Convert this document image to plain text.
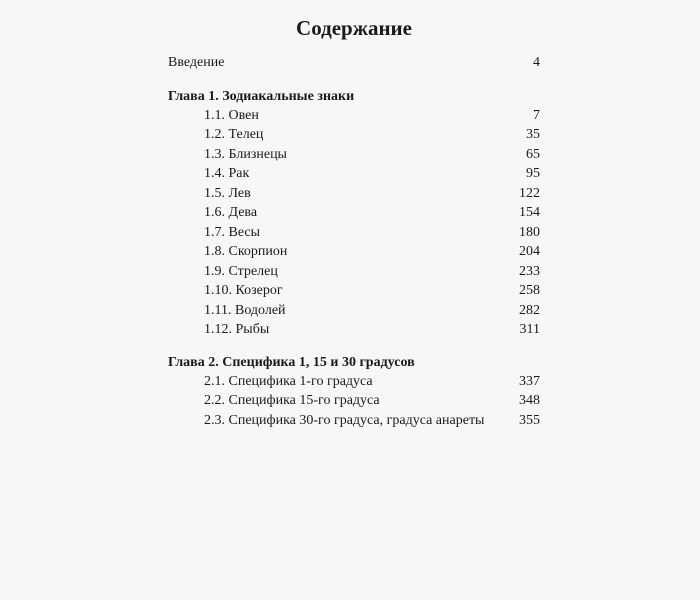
Содержание
Введение	4
Глава 1. Зодиакальные знаки
1.1. Овен	7
1.2. Телец	35
1.3. Близнецы	65
1.4. Рак	95
1.5. Лев	122
1.6. Дева	154
1.7. Весы	180
1.8. Скорпион	204
1.9. Стрелец	233
1.10. Козерог	258
1.11. Водолей	282
1.12. Рыбы	311
Глава 2. Специфика 1, 15 и 30 градусов
2.1. Специфика 1-го градуса	337
2.2. Специфика 15-го градуса	348
2.3. Специфика 30-го градуса, градуса анареты 355
